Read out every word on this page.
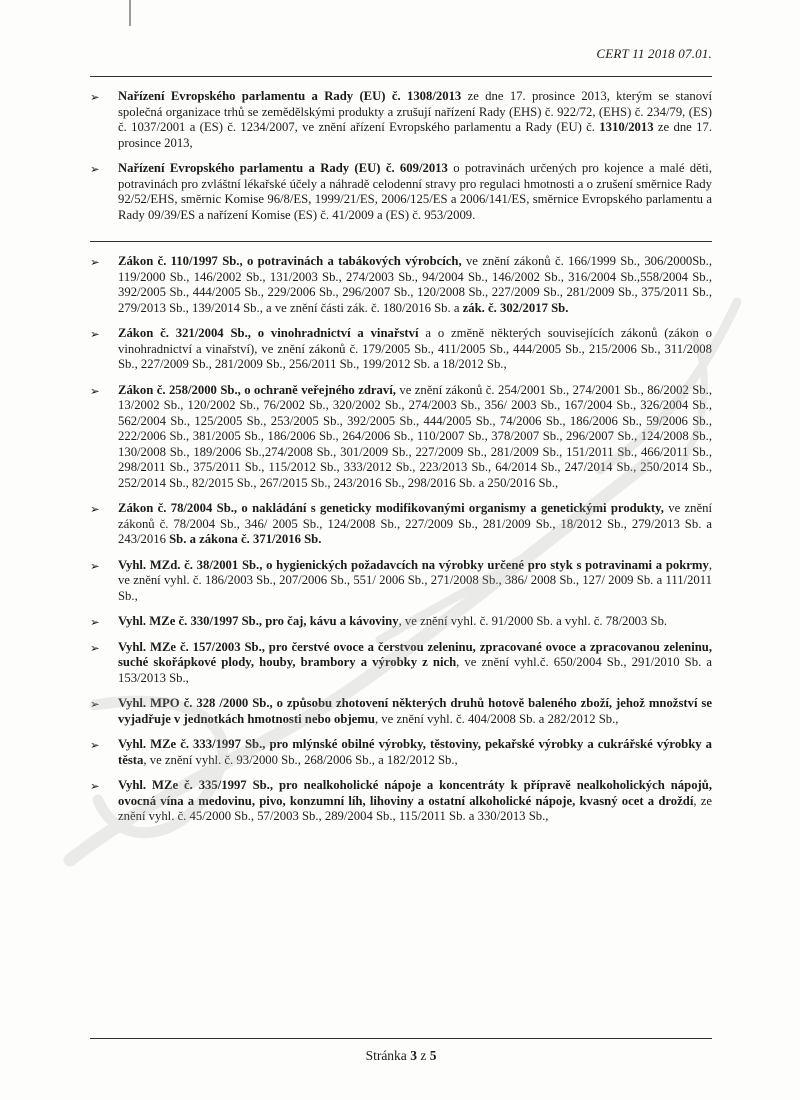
CERT 11 2018 07.01.
➢	Nařízení Evropského parlamentu a Rady (EU) č. 1308/2013 ze dne 17. prosince 2013, kterým se stanoví společná organizace trhů se zemědělskými produkty a zrušují nařízení Rady (EHS) č. 922/72, (EHS) č. 234/79, (ES) č. 1037/2001 a (ES) č. 1234/2007, ve znění ařízení Evropského parlamentu a Rady (EU) č. 1310/2013 ze dne 17. prosince 2013,
➢	Nařízení Evropského parlamentu a Rady (EU) č. 609/2013 o potravinách určených pro kojence a malé děti, potravinách pro zvláštní lékařské účely a náhradě celodenní stravy pro regulaci hmotnosti a o zrušení směrnice Rady 92/52/EHS, směrnic Komise 96/8/ES, 1999/21/ES, 2006/125/ES a 2006/141/ES, směrnice Evropského parlamentu a Rady 09/39/ES a nařízení Komise (ES) č. 41/2009 a (ES) č. 953/2009.
➢	Zákon č. 110/1997 Sb., o potravinách a tabákových výrobcích, ve znění zákonů č. 166/1999 Sb., 306/2000Sb., 119/2000 Sb., 146/2002 Sb., 131/2003 Sb., 274/2003 Sb., 94/2004 Sb., 146/2002 Sb., 316/2004 Sb.,558/2004 Sb., 392/2005 Sb., 444/2005 Sb., 229/2006 Sb., 296/2007 Sb., 120/2008 Sb., 227/2009 Sb., 281/2009 Sb., 375/2011 Sb., 279/2013 Sb., 139/2014 Sb., a ve znění části zák. č. 180/2016 Sb. a zák. č. 302/2017 Sb.
➢	Zákon č. 321/2004 Sb., o vinohradnictví a vinařství a o změně některých souvisejících zákonů (zákon o vinohradnictví a vinařství), ve znění zákonů č. 179/2005 Sb., 411/2005 Sb., 444/2005 Sb., 215/2006 Sb., 311/2008 Sb., 227/2009 Sb., 281/2009 Sb., 256/2011 Sb., 199/2012 Sb. a 18/2012 Sb.,
➢	Zákon č. 258/2000 Sb., o ochraně veřejného zdraví, ve znění zákonů č. 254/2001 Sb., 274/2001 Sb., 86/2002 Sb., 13/2002 Sb., 120/2002 Sb., 76/2002 Sb., 320/2002 Sb., 274/2003 Sb., 356/ 2003 Sb., 167/2004 Sb., 326/2004 Sb., 562/2004 Sb., 125/2005 Sb., 253/2005 Sb., 392/2005 Sb., 444/2005 Sb., 74/2006 Sb., 186/2006 Sb., 59/2006 Sb., 222/2006 Sb., 381/2005 Sb., 186/2006 Sb., 264/2006 Sb., 110/2007 Sb., 378/2007 Sb., 296/2007 Sb., 124/2008 Sb., 130/2008 Sb., 189/2006 Sb.,274/2008 Sb., 301/2009 Sb., 227/2009 Sb., 281/2009 Sb., 151/2011 Sb., 466/2011 Sb., 298/2011 Sb., 375/2011 Sb., 115/2012 Sb., 333/2012 Sb., 223/2013 Sb., 64/2014 Sb., 247/2014 Sb., 250/2014 Sb., 252/2014 Sb., 82/2015 Sb., 267/2015 Sb., 243/2016 Sb., 298/2016 Sb. a 250/2016 Sb.,
➢	Zákon č. 78/2004 Sb., o nakládání s geneticky modifikovanými organismy a genetickými produkty, ve znění zákonů č. 78/2004 Sb., 346/ 2005 Sb., 124/2008 Sb., 227/2009 Sb., 281/2009 Sb., 18/2012 Sb., 279/2013 Sb. a 243/2016 Sb. a zákona č. 371/2016 Sb.
➢	Vyhl. MZd. č. 38/2001 Sb., o hygienických požadavcích na výrobky určené pro styk s potravinami a pokrmy, ve znění vyhl. č. 186/2003 Sb., 207/2006 Sb., 551/ 2006 Sb., 271/2008 Sb., 386/ 2008 Sb., 127/ 2009 Sb. a 111/2011 Sb.,
➢	Vyhl. MZe č. 330/1997 Sb., pro čaj, kávu a kávoviny, ve znění vyhl. č. 91/2000 Sb. a vyhl. č. 78/2003 Sb.
➢	Vyhl. MZe č. 157/2003 Sb., pro čerstvé ovoce a čerstvou zeleninu, zpracované ovoce a zpracovanou zeleninu, suché skořápkové plody, houby, brambory a výrobky z nich, ve znění vyhl.č. 650/2004 Sb., 291/2010 Sb. a 153/2013 Sb.,
➢	Vyhl. MPO č. 328 /2000 Sb., o způsobu zhotovení některých druhů hotově baleného zboží, jehož množství se vyjadřuje v jednotkách hmotnosti nebo objemu, ve znění vyhl. č. 404/2008 Sb. a 282/2012 Sb.,
➢	Vyhl. MZe č. 333/1997 Sb., pro mlýnské obilné výrobky, těstoviny, pekařské výrobky a cukrářské výrobky a těsta, ve znění vyhl. č. 93/2000 Sb., 268/2006 Sb., a 182/2012 Sb.,
➢	Vyhl. MZe č. 335/1997 Sb., pro nealkoholické nápoje a koncentráty k přípravě nealkoholických nápojů, ovocná vína a medovinu, pivo, konzumní líh, lihoviny a ostatní alkoholické nápoje, kvasný ocet a droždí, ze znění vyhl. č. 45/2000 Sb., 57/2003 Sb., 289/2004 Sb., 115/2011 Sb. a 330/2013 Sb.,
Stránka 3 z 5
